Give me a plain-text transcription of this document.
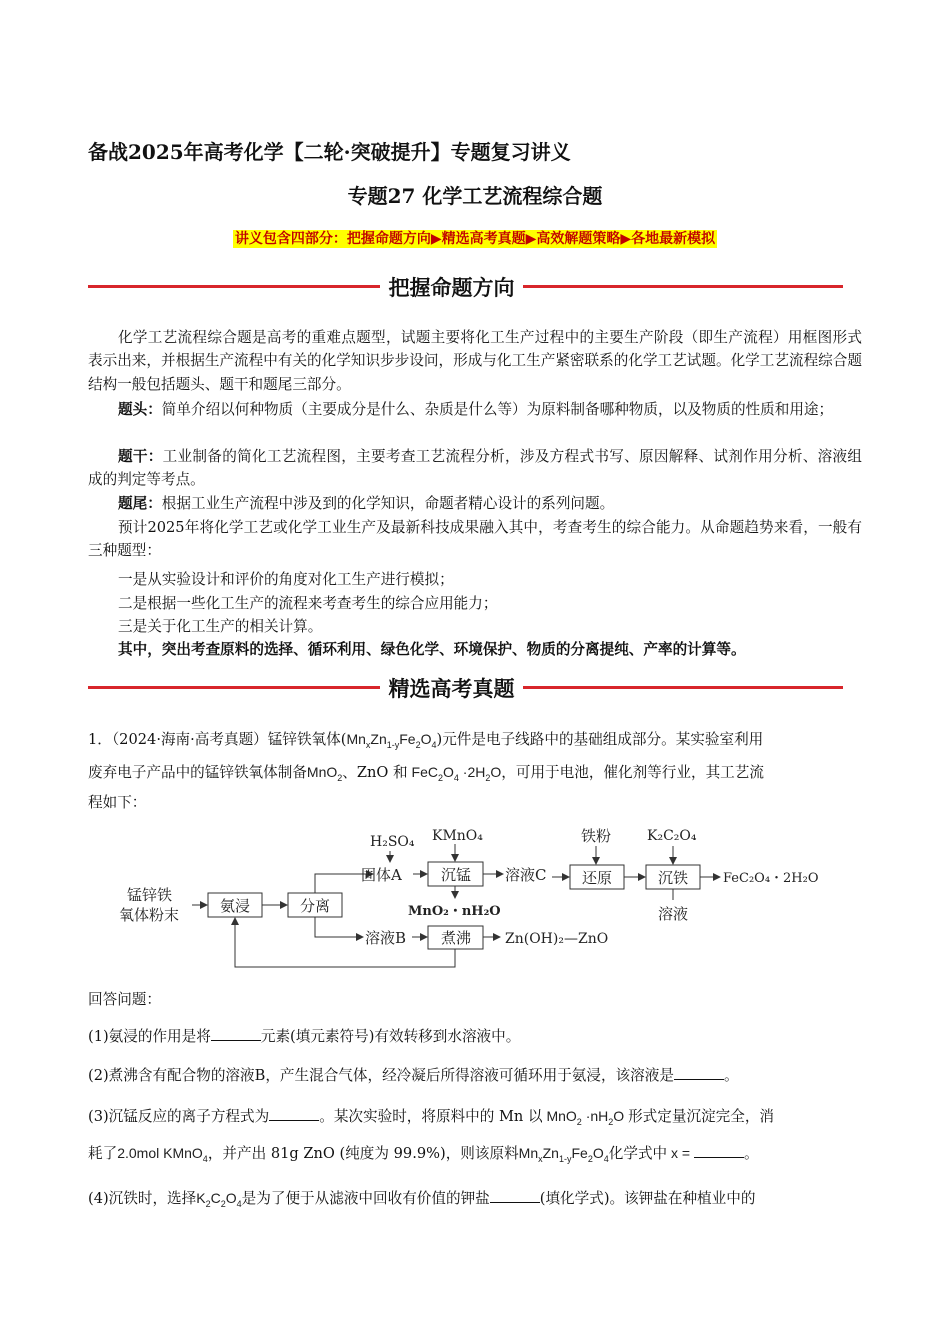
备战2025年高考化学【二轮·突破提升】专题复习讲义
专题27 化学工艺流程综合题
讲义包含四部分：把握命题方向▶精选高考真题▶高效解题策略▶各地最新模拟
把握命题方向
化学工艺流程综合题是高考的重难点题型，试题主要将化工生产过程中的主要生产阶段（即生产流程）用框图形式表示出来，并根据生产流程中有关的化学知识步步设问，形成与化工生产紧密联系的化学工艺试题。化学工艺流程综合题结构一般包括题头、题干和题尾三部分。
题头：简单介绍以何种物质（主要成分是什么、杂质是什么等）为原料制备哪种物质，以及物质的性质和用途；
题干：工业制备的简化工艺流程图，主要考查工艺流程分析，涉及方程式书写、原因解释、试剂作用分析、溶液组成的判定等考点。
题尾：根据工业生产流程中涉及到的化学知识，命题者精心设计的系列问题。
预计2025年将化学工艺或化学工业生产及最新科技成果融入其中，考查考生的综合能力。从命题趋势来看，一般有三种题型：
一是从实验设计和评价的角度对化工生产进行模拟；
二是根据一些化工生产的流程来考查考生的综合应用能力；
三是关于化工生产的相关计算。
其中，突出考查原料的选择、循环利用、绿色化学、环境保护、物质的分离提纯、产率的计算等。
精选高考真题
1．（2024·海南·高考真题）锰锌铁氧体$(Mn_xZn_{1-y}Fe_2O_4)$元件是电子线路中的基础组成部分。某实验室利用
废弃电子产品中的锰锌铁氧体制备MnO$_2$、ZnO 和 $FeC_2O_4 \cdot 2H_2O$，可用于电池，催化剂等行业，其工艺流
程如下：
锰锌铁
氧体粉末	氨浸	分离
H₂SO₄
固体A
KMnO₄
沉锰
MnO₂・nH₂O
溶液C
铁粉
还原
K₂C₂O₄
沉铁	FeC₂O₄・2H₂O
溶液
溶液B 煮沸 Zn(OH)₂—ZnO
回答问题：
(1)氨浸的作用是将	元素(填元素符号)有效转移到水溶液中。
(2)煮沸含有配合物的溶液B，产生混合气体，经冷凝后所得溶液可循环用于氨浸，该溶液是	。
(3)沉锰反应的离子方程式为	。某次实验时，将原料中的 Mn 以 $MnO_2 \cdot nH_2O$ 形式定量沉淀完全，消
耗了2.0mol KMnO$_4$，并产出 81g ZnO (纯度为 99.9%)，则该原料$Mn_xZn_{1-y}Fe_2O_4$化学式中 x =	。
(4)沉铁时，选择$K_2C_2O_4$是为了便于从滤液中回收有价值的钾盐	(填化学式)。该钾盐在种植业中的
